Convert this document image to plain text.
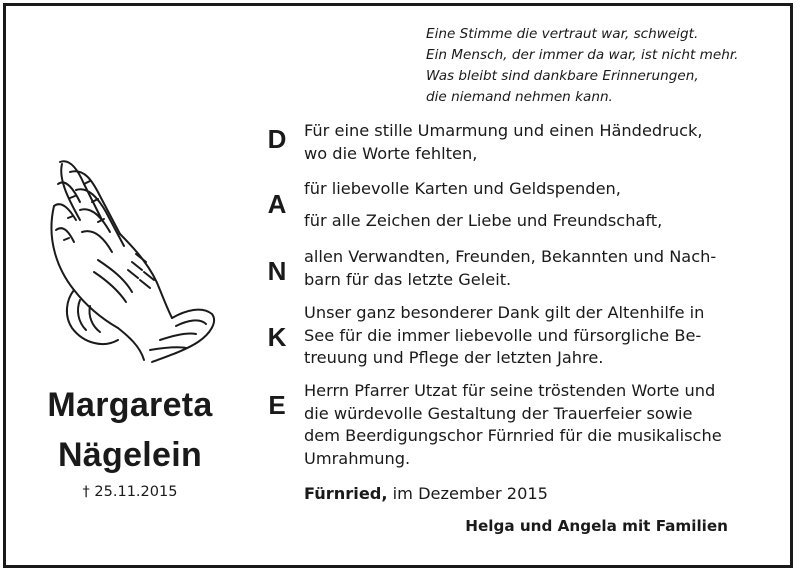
Eine Stimme die vertraut war, schweigt.
Ein Mensch, der immer da war, ist nicht mehr.
Was bleibt sind dankbare Erinnerungen,
die niemand nehmen kann.
Margareta
Nägelein
† 25.11.2015
D
A
N
K
E
Für eine stille Umarmung und einen Händedruck,
wo die Worte fehlten,
für liebevolle Karten und Geldspenden,
für alle Zeichen der Liebe und Freundschaft,
allen Verwandten, Freunden, Bekannten und Nach-
barn für das letzte Geleit.
Unser ganz besonderer Dank gilt der Altenhilfe in
See für die immer liebevolle und fürsorgliche Be-
treuung und Pflege der letzten Jahre.
Herrn Pfarrer Utzat für seine tröstenden Worte und
die würdevolle Gestaltung der Trauerfeier sowie
dem Beerdigungschor Fürnried für die musikalische
Umrahmung.
Fürnried, im Dezember 2015
Helga und Angela mit Familien
